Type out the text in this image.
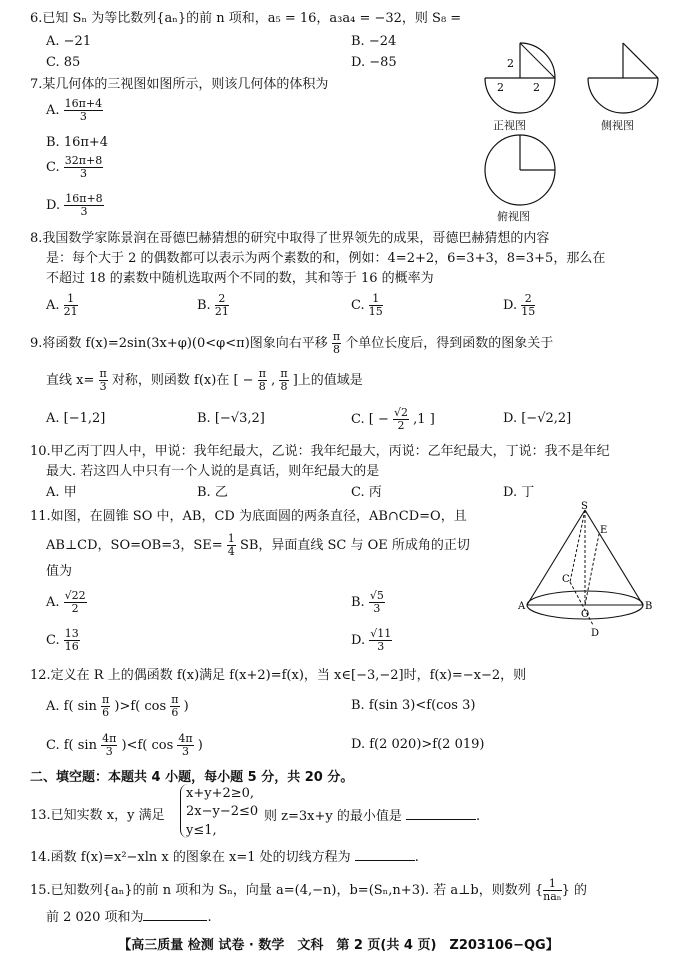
6.已知 Sₙ 为等比数列{aₙ}的前 n 项和，a₅ = 16，a₃a₄ = −32，则 S₈ =
A. −21	B. −24
C. 85	D. −85
7.某几何体的三视图如图所示，则该几何体的体积为
A. $\frac{16\pi+4}{3}$
B. 16π+4
C. $\frac{32\pi+8}{3}$
D. $\frac{16\pi+8}{3}$
2
2	2
正视图	侧视图
俯视图
8.我国数学家陈景润在哥德巴赫猜想的研究中取得了世界领先的成果，哥德巴赫猜想的内容
是：每个大于 2 的偶数都可以表示为两个素数的和，例如：4=2+2，6=3+3，8=3+5，那么在
不超过 18 的素数中随机选取两个不同的数，其和等于 16 的概率为
A. $\frac{1}{21}$	B. $\frac{2}{21}$	C. $\frac{1}{15}$	D. $\frac{2}{15}$
9.将函数 f(x)=2sin(3x+φ)(0<φ<π)图象向右平移 $\frac{\pi}{8}$ 个单位长度后，得到函数的图象关于
直线 $x= \frac{\pi}{3}$ 对称，则函数 f(x)在 [ − $\frac{\pi}{8}$ , $\frac{\pi}{8}$ ]上的值域是
A. [−1,2]	B. [−√3,2]	C. [ − $\frac{√2}{2} ,1$ ]	D. [−√2,2]
10.甲乙丙丁四人中，甲说：我年纪最大，乙说：我年纪最大，丙说：乙年纪最大，丁说：我不是年纪
最大. 若这四人中只有一个人说的是真话，则年纪最大的是
A. 甲	B. 乙	C. 丙	D. 丁
11.如图，在圆锥 SO 中，AB，CD 为底面圆的两条直径，AB∩CD=O，且
AB⊥CD，SO=OB=3，$SE= \frac{1}{4}$ SB，异面直线 SC 与 OE 所成角的正切
值为
A. $\frac{√22}{2}$	B. $\frac{√5}{3}$
C. $\frac{13}{16}$	D. $\frac{√11}{3}$
S
E
C
A	B
O
D
12.定义在 R 上的偶函数 f(x)满足 f(x+2)=f(x)，当 x∈[−3,−2]时，f(x)=−x−2，则
A. f( $\sin \frac{\pi}{6} )>f$( $\cos \frac{\pi}{6}$ )	B. f(sin 3)<f(cos 3)
C. f( $\sin \frac{4\pi}{3} )<f$( $\cos \frac{4\pi}{3}$ )	D. f(2 020)>f(2 019)
二、填空题：本题共 4 小题，每小题 5 分，共 20 分。
13.已知实数 x，y 满足
x+y+2≥0,
2x−y−2≤0
y≤1,
则 z=3x+y 的最小值是	.
14.函数 f(x)=x²−xln x 的图象在 x=1 处的切线方程为	.
15.已知数列{aₙ}的前 n 项和为 Sₙ，向量 a=(4,−n)，b=(Sₙ,n+3). 若 a⊥b，则数列 { $\frac{1}{\text{naₙ}}$ } 的
前 2 020 项和为	.
【高三质量 检测 试卷 · 数学　文科　第 2 页(共 4 页)　Z203106−QG】
